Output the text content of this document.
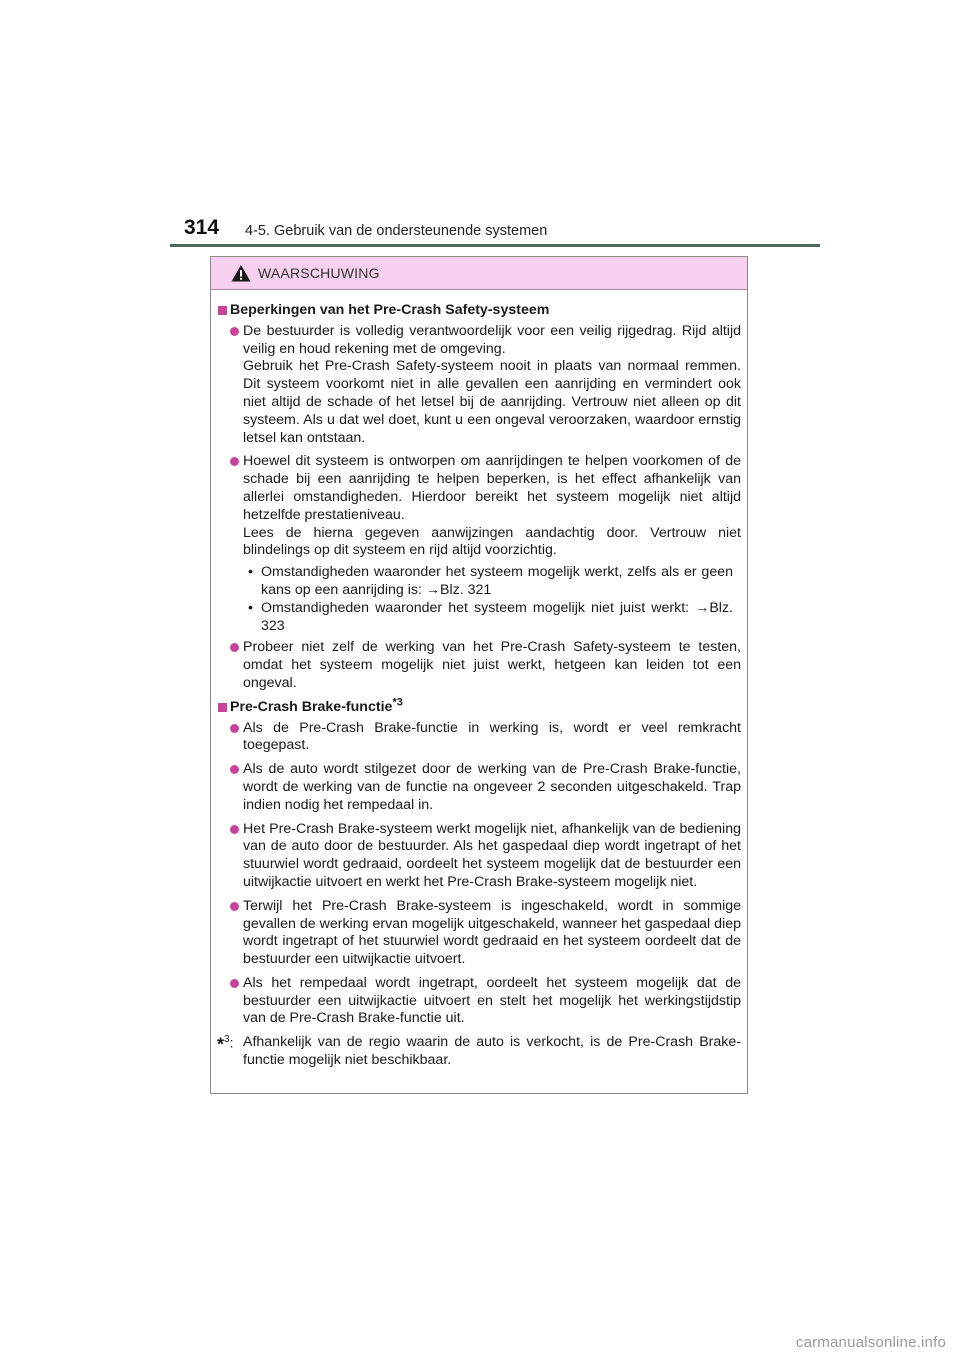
314 4-5. Gebruik van de ondersteunende systemen
WAARSCHUWING
Beperkingen van het Pre-Crash Safety-systeem

De bestuurder is volledig verantwoordelijk voor een veilig rijgedrag. Rijd altijd veilig en houd rekening met de omgeving.

Gebruik het Pre-Crash Safety-systeem nooit in plaats van normaal remmen. Dit systeem voorkomt niet in alle gevallen een aanrijding en vermindert ook niet altijd de schade of het letsel bij de aanrijding. Vertrouw niet alleen op dit systeem. Als u dat wel doet, kunt u een ongeval veroorzaken, waardoor ernstig letsel kan ontstaan.

Hoewel dit systeem is ontworpen om aanrijdingen te helpen voorkomen of de schade bij een aanrijding te helpen beperken, is het effect afhankelijk van allerlei omstandigheden. Hierdoor bereikt het systeem mogelijk niet altijd hetzelfde prestatieniveau.

Lees de hierna gegeven aanwijzingen aandachtig door. Vertrouw niet blindelings op dit systeem en rijd altijd voorzichtig.

• Omstandigheden waaronder het systeem mogelijk werkt, zelfs als er geen kans op een aanrijding is: →Blz. 321
• Omstandigheden waaronder het systeem mogelijk niet juist werkt: →Blz. 323

Probeer niet zelf de werking van het Pre-Crash Safety-systeem te testen, omdat het systeem mogelijk niet juist werkt, hetgeen kan leiden tot een ongeval.

Pre-Crash Brake-functie$^{*3}$

Als de Pre-Crash Brake-functie in werking is, wordt er veel remkracht toegepast.

Als de auto wordt stilgezet door de werking van de Pre-Crash Brake-functie, wordt de werking van de functie na ongeveer 2 seconden uitgeschakeld. Trap indien nodig het rempedaal in.

Het Pre-Crash Brake-systeem werkt mogelijk niet, afhankelijk van de bediening van de auto door de bestuurder. Als het gaspedaal diep wordt ingetrapt of het stuurwiel wordt gedraaid, oordeelt het systeem mogelijk dat de bestuurder een uitwijkactie uitvoert en werkt het Pre-Crash Brake-systeem mogelijk niet.

Terwijl het Pre-Crash Brake-systeem is ingeschakeld, wordt in sommige gevallen de werking ervan mogelijk uitgeschakeld, wanneer het gaspedaal diep wordt ingetrapt of het stuurwiel wordt gedraaid en het systeem oordeelt dat de bestuurder een uitwijkactie uitvoert.

Als het rempedaal wordt ingetrapt, oordeelt het systeem mogelijk dat de bestuurder een uitwijkactie uitvoert en stelt het mogelijk het werkingstijdstip van de Pre-Crash Brake-functie uit.

*$^3$: Afhankelijk van de regio waarin de auto is verkocht, is de Pre-Crash Brake-functie mogelijk niet beschikbaar.
carmanualsonline.info
